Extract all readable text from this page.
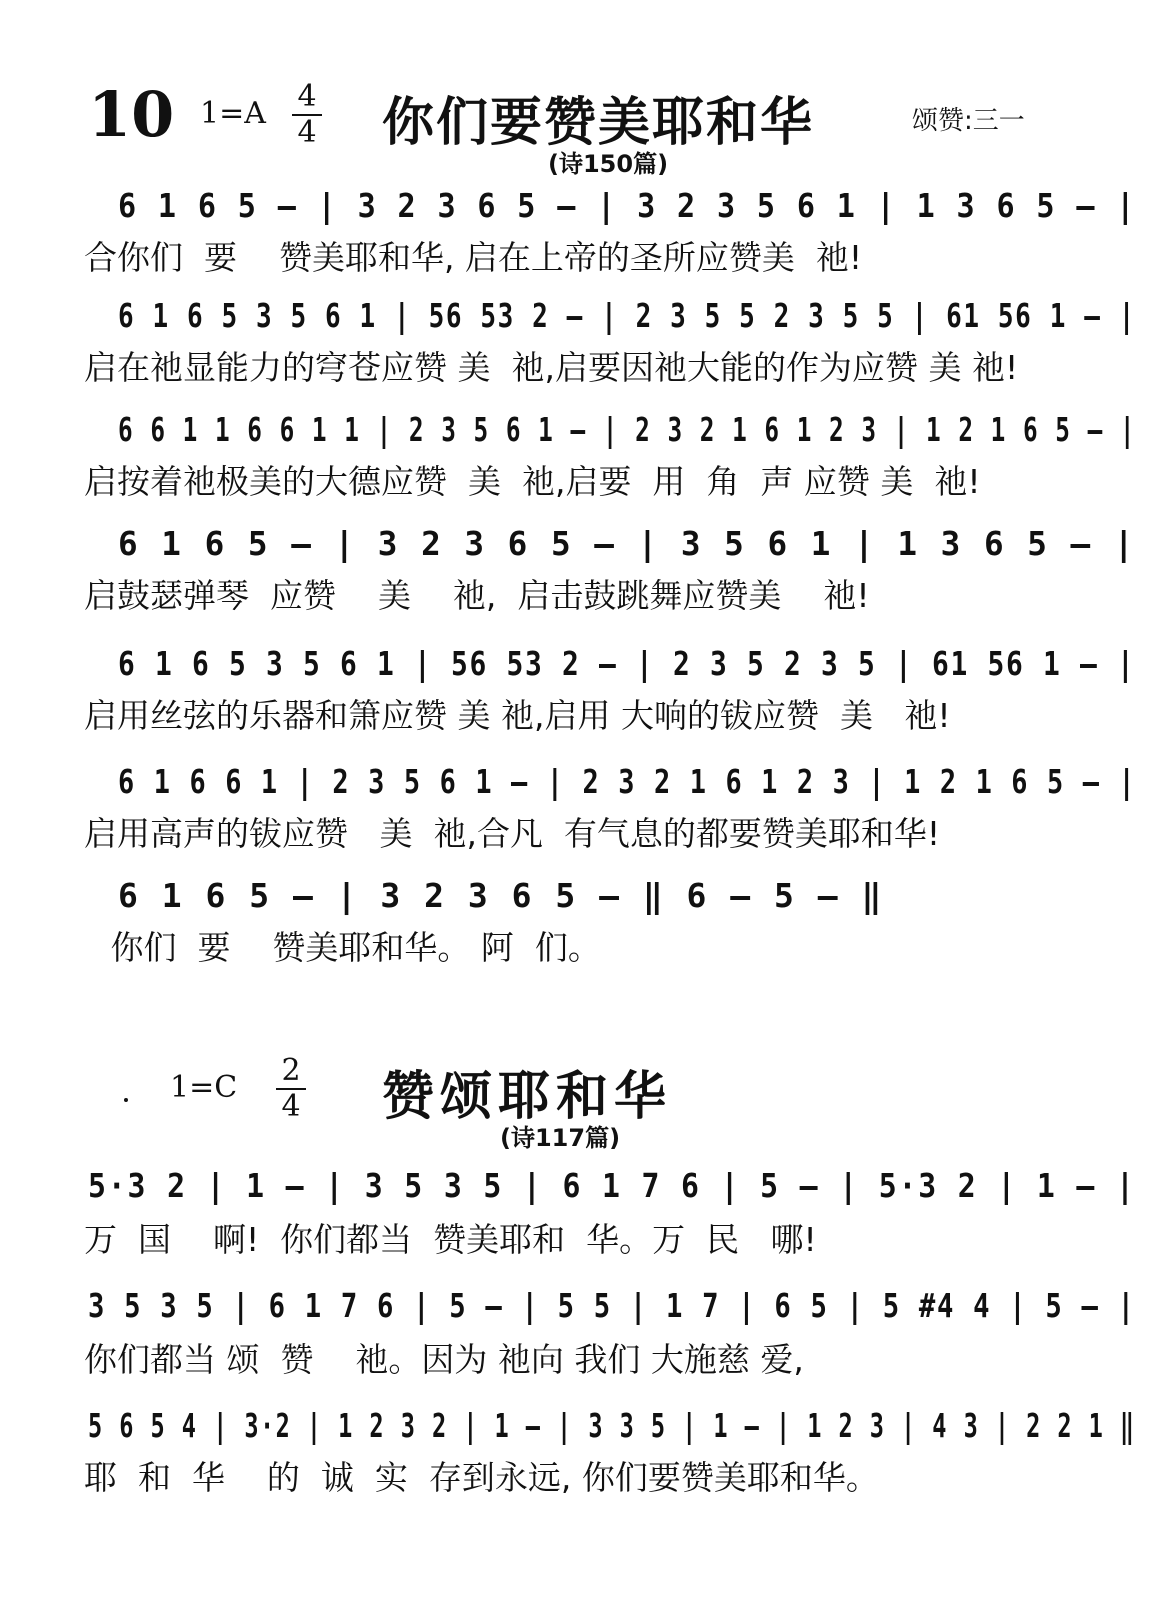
10 1=A 4
4 你们要赞美耶和华	颂赞:三一
(诗150篇)
6 1 6 5 – | 3 2 3 6 5 – | 3 2 3 5 6 1 | 1 3 6 5 – |
合你们  要    赞美耶和华, 启在上帝的圣所应赞美  祂!
6 1 6 5 3 5 6 1 | 56 53 2 – | 2 3 5 5 2 3 5 5 | 61 56 1 – |
启在祂显能力的穹苍应赞 美  祂,启要因祂大能的作为应赞 美 祂!
6 6 1 1 6 6 1 1 | 2 3 5 6 1 – | 2 3 2 1 6 1 2 3 | 1 2 1 6 5 – |
启按着祂极美的大德应赞  美  祂,启要  用  角  声 应赞 美  祂!
6 1 6 5 – | 3 2 3 6 5 – | 3 5 6 1 | 1 3 6 5 – |
启鼓瑟弹琴  应赞    美    祂,  启击鼓跳舞应赞美    祂!
6 1 6 5 3 5 6 1 | 56 53 2 – | 2 3 5 2 3 5 | 61 56 1 – |
启用丝弦的乐器和箫应赞 美 祂,启用 大响的钹应赞  美   祂!
6 1 6 6 1 | 2 3 5 6 1 – | 2 3 2 1 6 1 2 3 | 1 2 1 6 5 – |
启用高声的钹应赞   美  祂,合凡  有气息的都要赞美耶和华!
6 1 6 5 – | 3 2 3 6 5 – ‖ 6 – 5 – ‖
你们  要    赞美耶和华。 阿  们。
1=C 2
4 赞颂耶和华
(诗117篇)
5·3 2 | 1 – | 3 5 3 5 | 6 1 7 6 | 5 – | 5·3 2 | 1 – |
万  国    啊!  你们都当  赞美耶和  华。万  民   哪!
3 5 3 5 | 6 1 7 6 | 5 – | 5 5 | 1 7 | 6 5 | 5 #4 4 | 5 – |
你们都当 颂  赞    祂。因为 祂向 我们 大施慈 爱,
5 6 5 4 | 3·2 | 1 2 3 2 | 1 – | 3 3 5 | 1 – | 1 2 3 | 4 3 | 2 2 1 ‖
耶  和  华    的  诚  实  存到永远, 你们要赞美耶和华。
